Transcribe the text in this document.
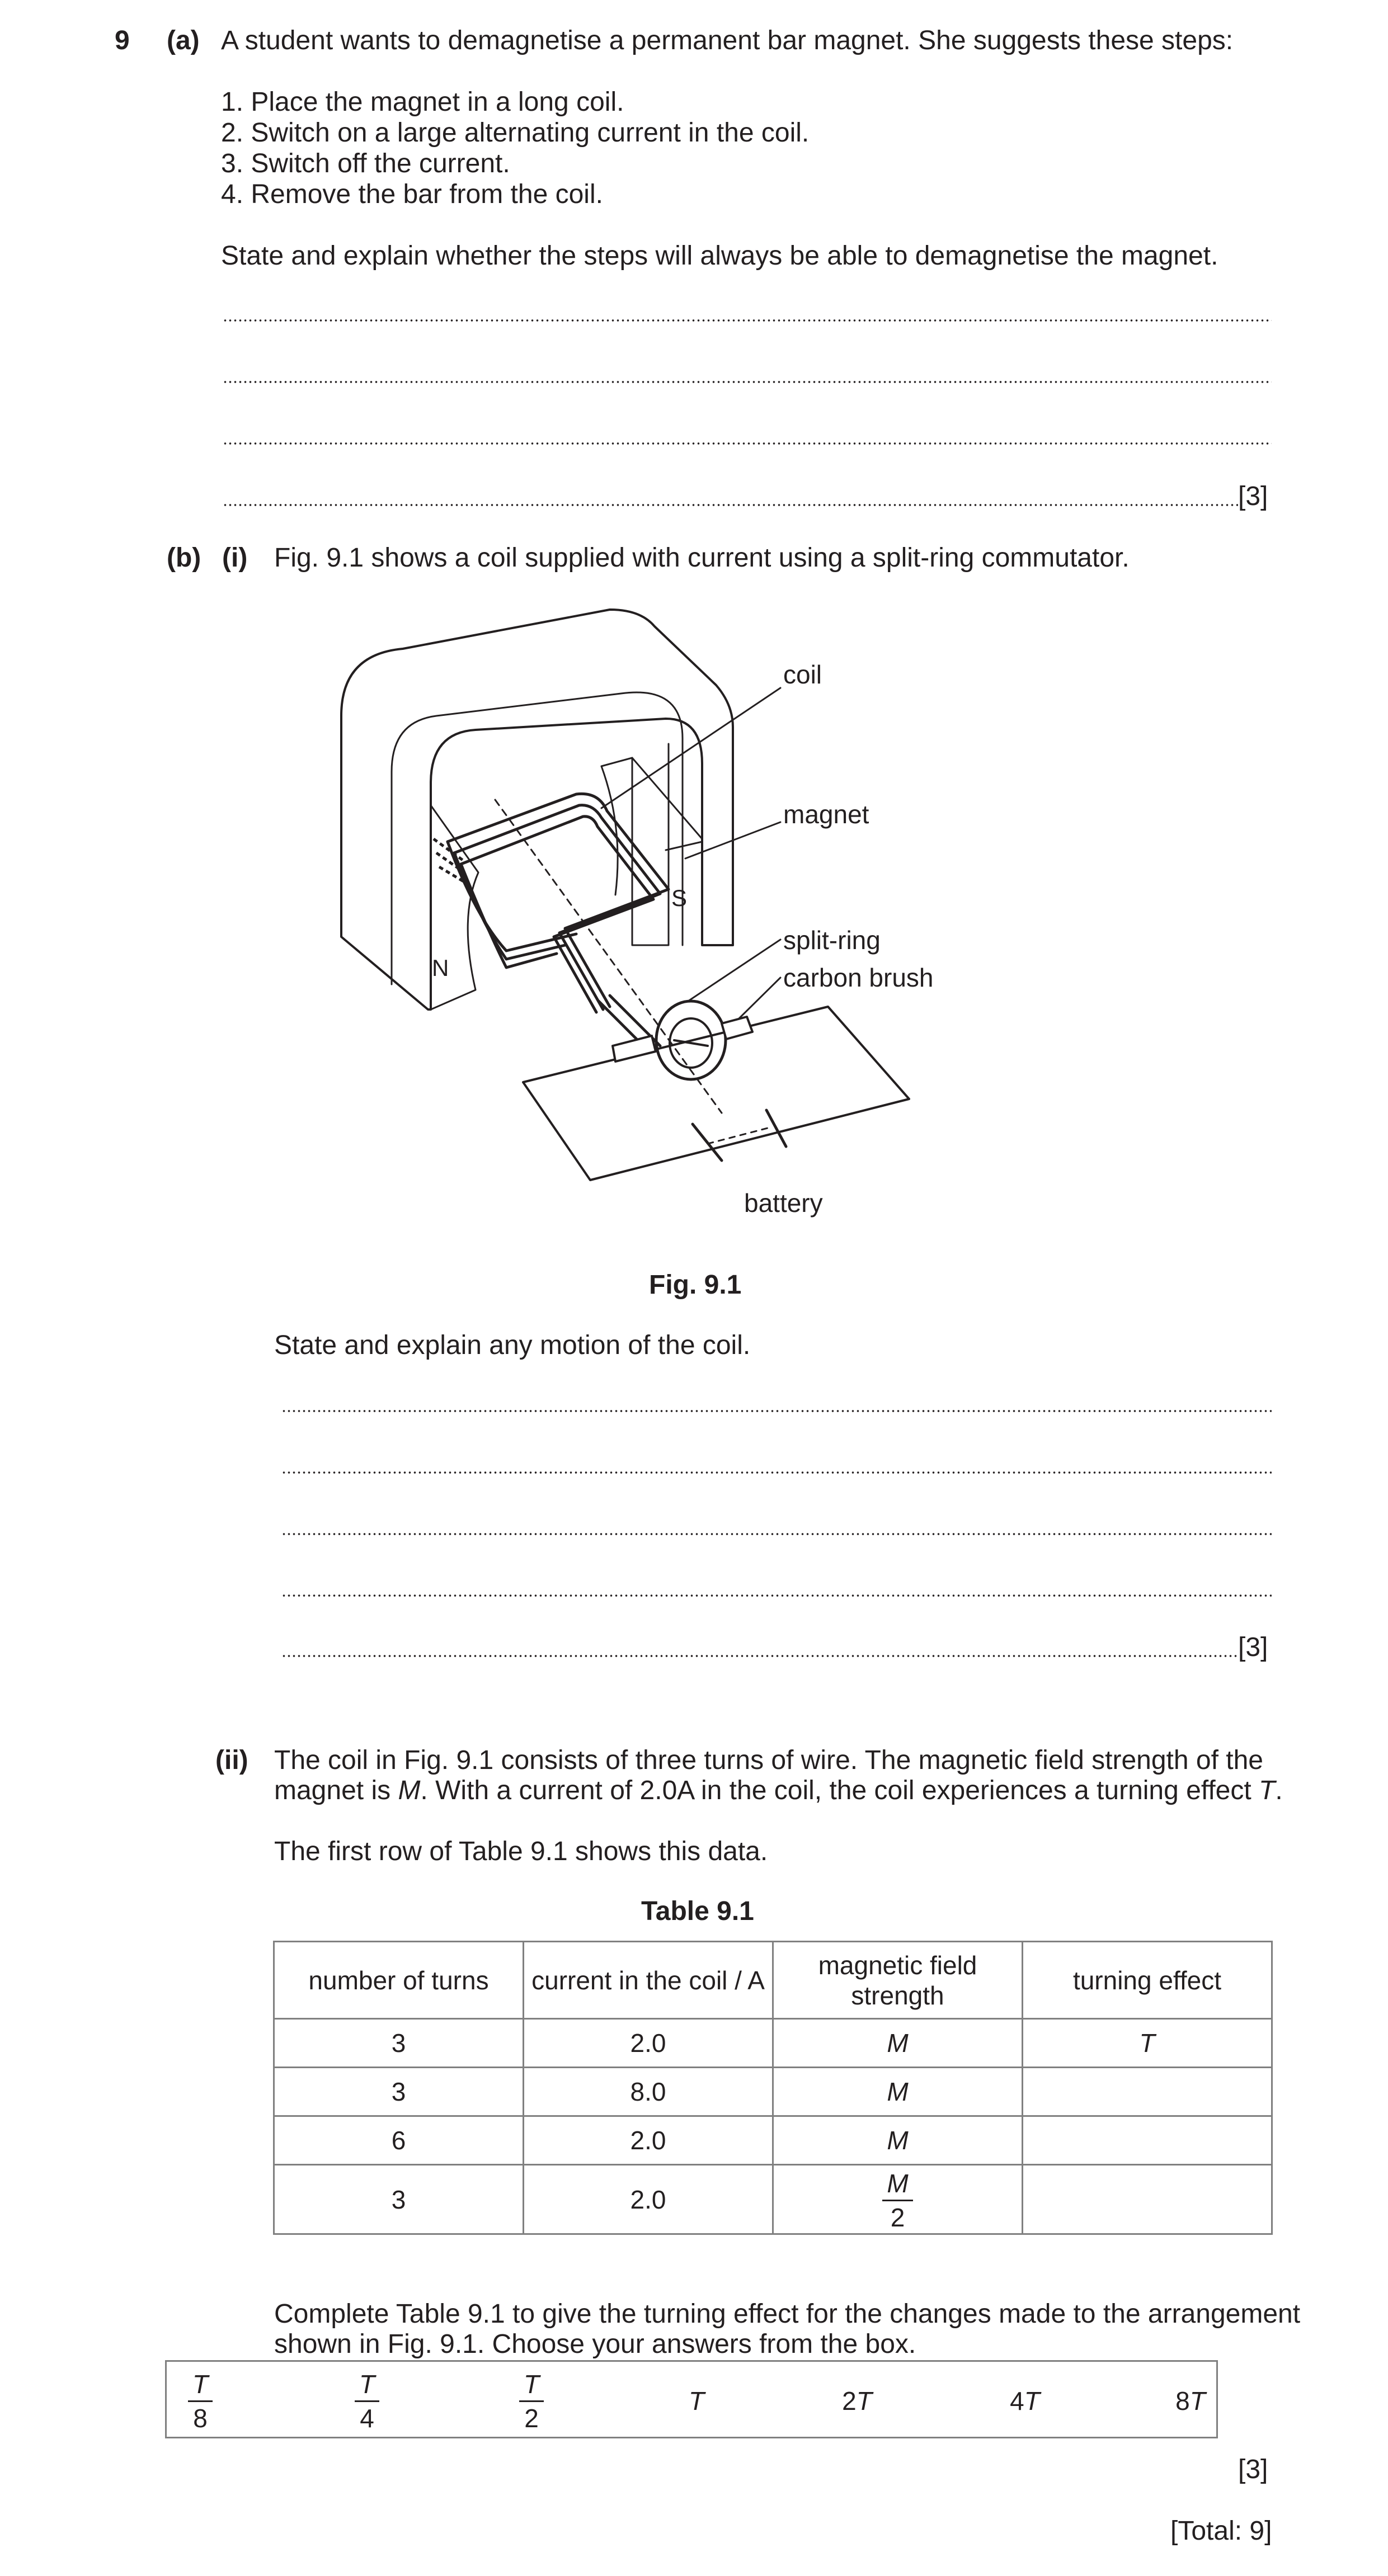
9 (a) A student wants to demagnetise a permanent bar magnet. She suggests these steps:
1. Place the magnet in a long coil.
2. Switch on a large alternating current in the coil.
3. Switch off the current.
4. Remove the bar from the coil.
State and explain whether the steps will always be able to demagnetise the magnet.
[3]
(b) (i) Fig. 9.1 shows a coil supplied with current using a split-ring commutator.
N
S
coil
magnet
split-ring
carbon brush
battery
Fig. 9.1
State and explain any motion of the coil.
[3]
(ii) The coil in Fig. 9.1 consists of three turns of wire. The magnetic field strength of the
magnet is M. With a current of 2.0A in the coil, the coil experiences a turning effect T.
The first row of Table 9.1 shows this data.
Table 9.1
number of turns	current in the coil / A	magnetic field strength	turning effect
3	2.0	M	T
3	8.0	M	
6	2.0	M	
3	2.0	$\frac{M}{2}$

Complete Table 9.1 to give the turning effect for the changes made to the arrangement
shown in Fig. 9.1. Choose your answers from the box.
$\frac{T}{8}$	$\frac{T}{4}$	$\frac{T}{2}$	T	2 T	4 T	8 T
[3]
[Total: 9]
